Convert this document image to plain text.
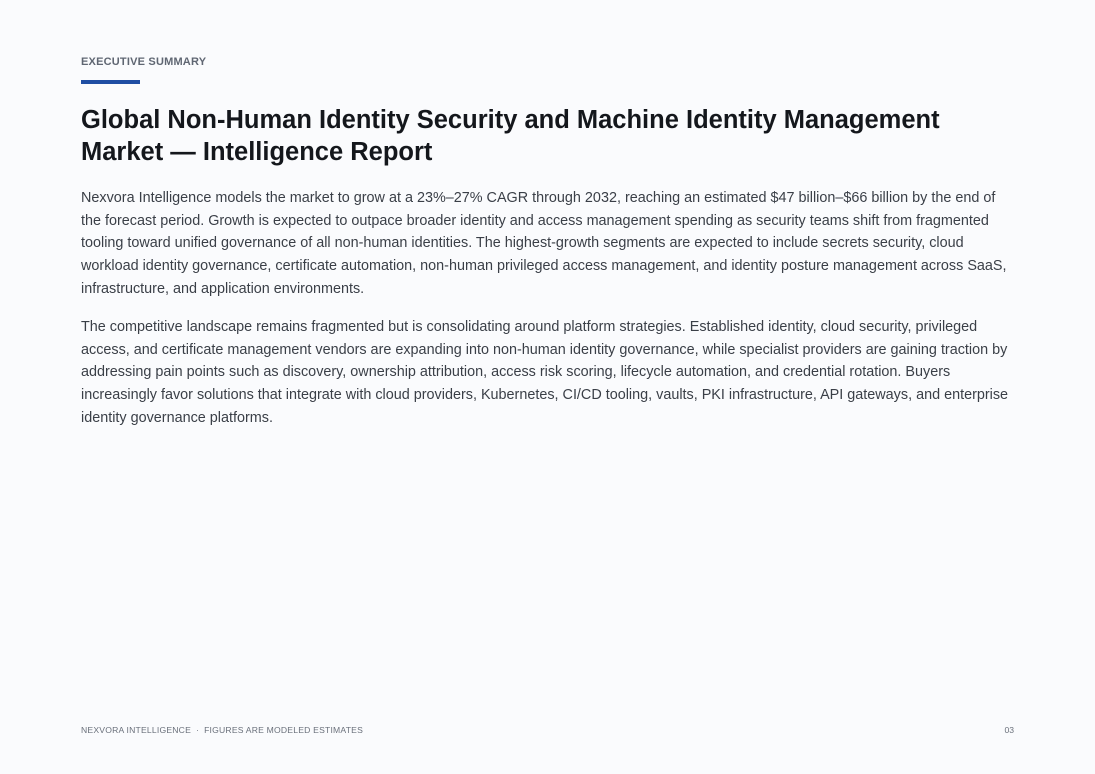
EXECUTIVE SUMMARY
Global Non-Human Identity Security and Machine Identity Management Market — Intelligence Report

Nexvora Intelligence models the market to grow at a 23%–27% CAGR through 2032, reaching an estimated $47 billion–$66 billion by the end of the forecast period. Growth is expected to outpace broader identity and access management spending as security teams shift from fragmented tooling toward unified governance of all non-human identities. The highest-growth segments are expected to include secrets security, cloud workload identity governance, certificate automation, non-human privileged access management, and identity posture management across SaaS, infrastructure, and application environments.

The competitive landscape remains fragmented but is consolidating around platform strategies. Established identity, cloud security, privileged access, and certificate management vendors are expanding into non-human identity governance, while specialist providers are gaining traction by addressing pain points such as discovery, ownership attribution, access risk scoring, lifecycle automation, and credential rotation. Buyers increasingly favor solutions that integrate with cloud providers, Kubernetes, CI/CD tooling, vaults, PKI infrastructure, API gateways, and enterprise identity governance platforms.

NEXVORA INTELLIGENCE · FIGURES ARE MODELED ESTIMATES	03
